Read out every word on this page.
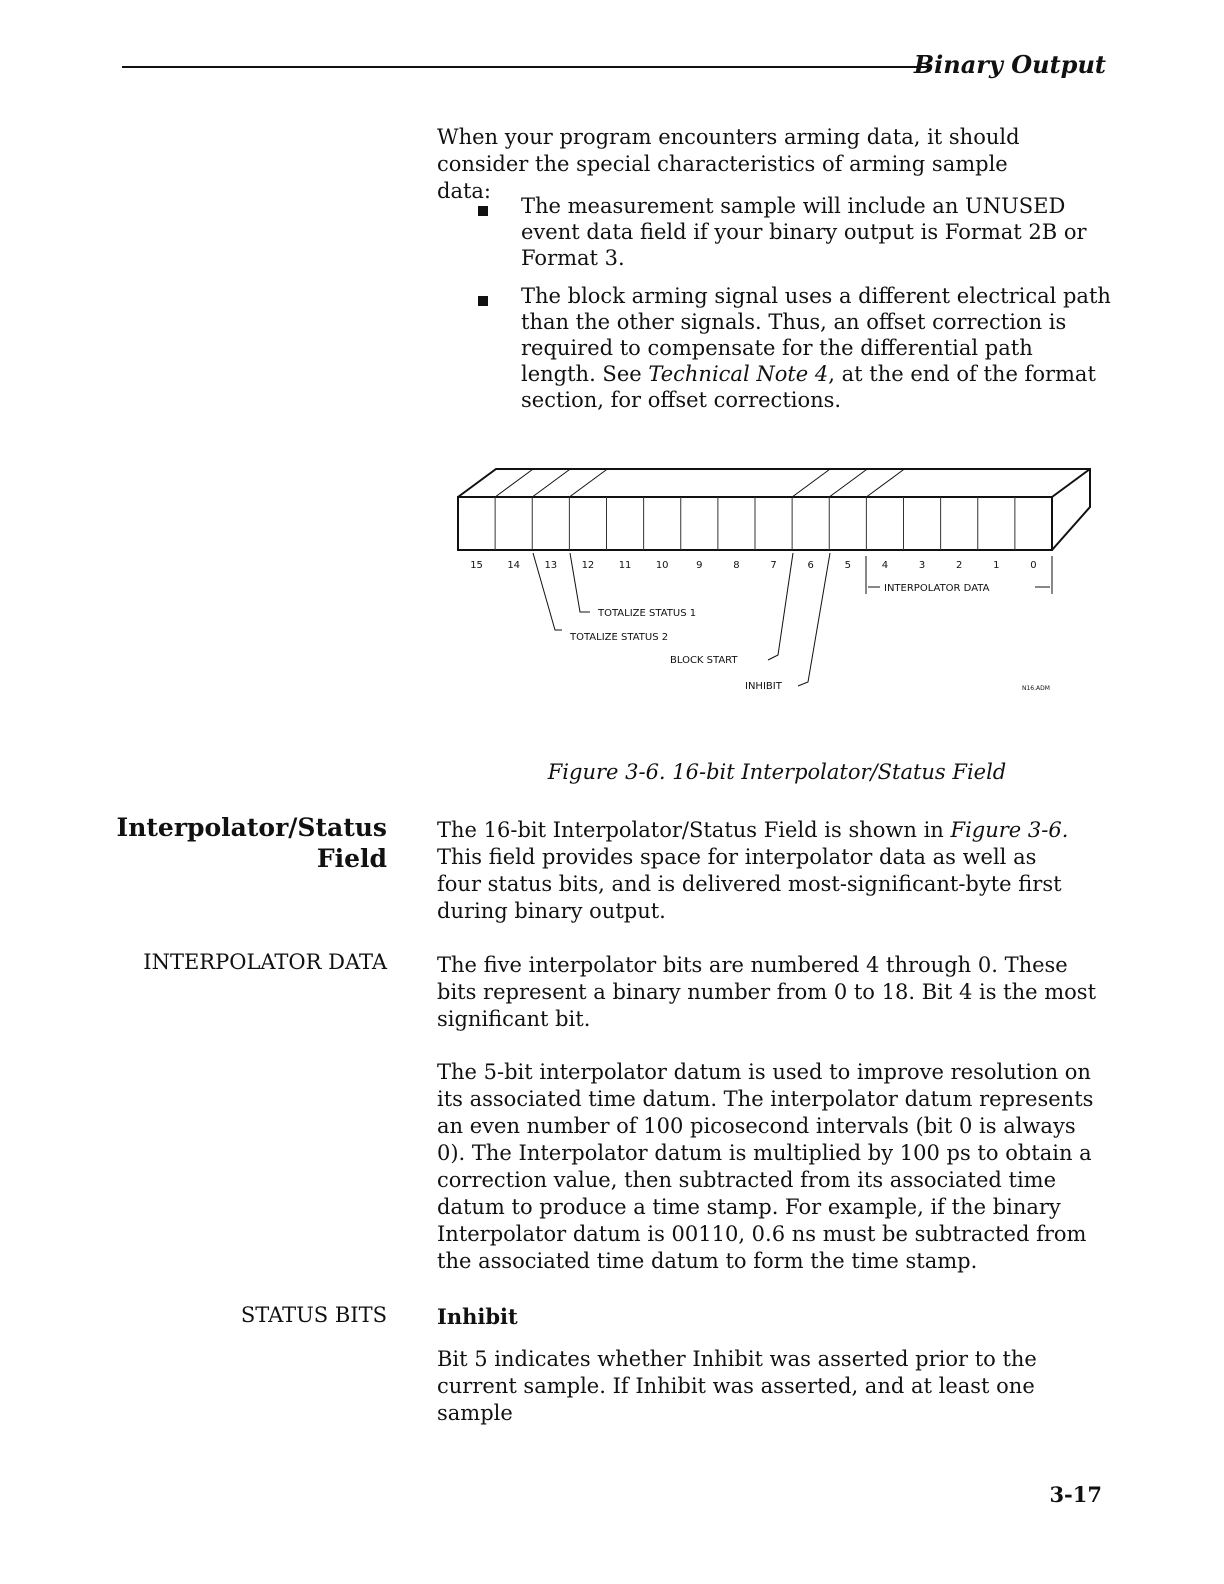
Binary Output
When your program encounters arming data, it should consider the special characteristics of arming sample data:
The measurement sample will include an UNUSED event data field if your binary output is Format 2B or Format 3.
The block arming signal uses a different electrical path than the other signals. Thus, an offset correction is required to compensate for the differential path length. See Technical Note 4, at the end of the format section, for offset corrections.
15 14 13 12 11 10	9	8	7	6	5	4	3	2	1	0
TOTALIZE STATUS 1
TOTALIZE STATUS 2
BLOCK START
INHIBIT
INTERPOLATOR DATA
N16.ADM
Figure 3-6. 16-bit Interpolator/Status Field
Interpolator/Status
Field
The 16-bit Interpolator/Status Field is shown in Figure 3-6. This field provides space for interpolator data as well as four status bits, and is delivered most-significant-byte first during binary output.
INTERPOLATOR DATA The five interpolator bits are numbered 4 through 0. These bits represent a binary number from 0 to 18. Bit 4 is the most significant bit.
The 5-bit interpolator datum is used to improve resolution on its associated time datum. The interpolator datum represents an even number of 100 picosecond intervals (bit 0 is always 0). The Interpolator datum is multiplied by 100 ps to obtain a correction value, then subtracted from its associated time datum to produce a time stamp. For example, if the binary Interpolator datum is 00110, 0.6 ns must be subtracted from the associated time datum to form the time stamp.
STATUS BITS Inhibit
Bit 5 indicates whether Inhibit was asserted prior to the current sample. If Inhibit was asserted, and at least one sample
3-17
